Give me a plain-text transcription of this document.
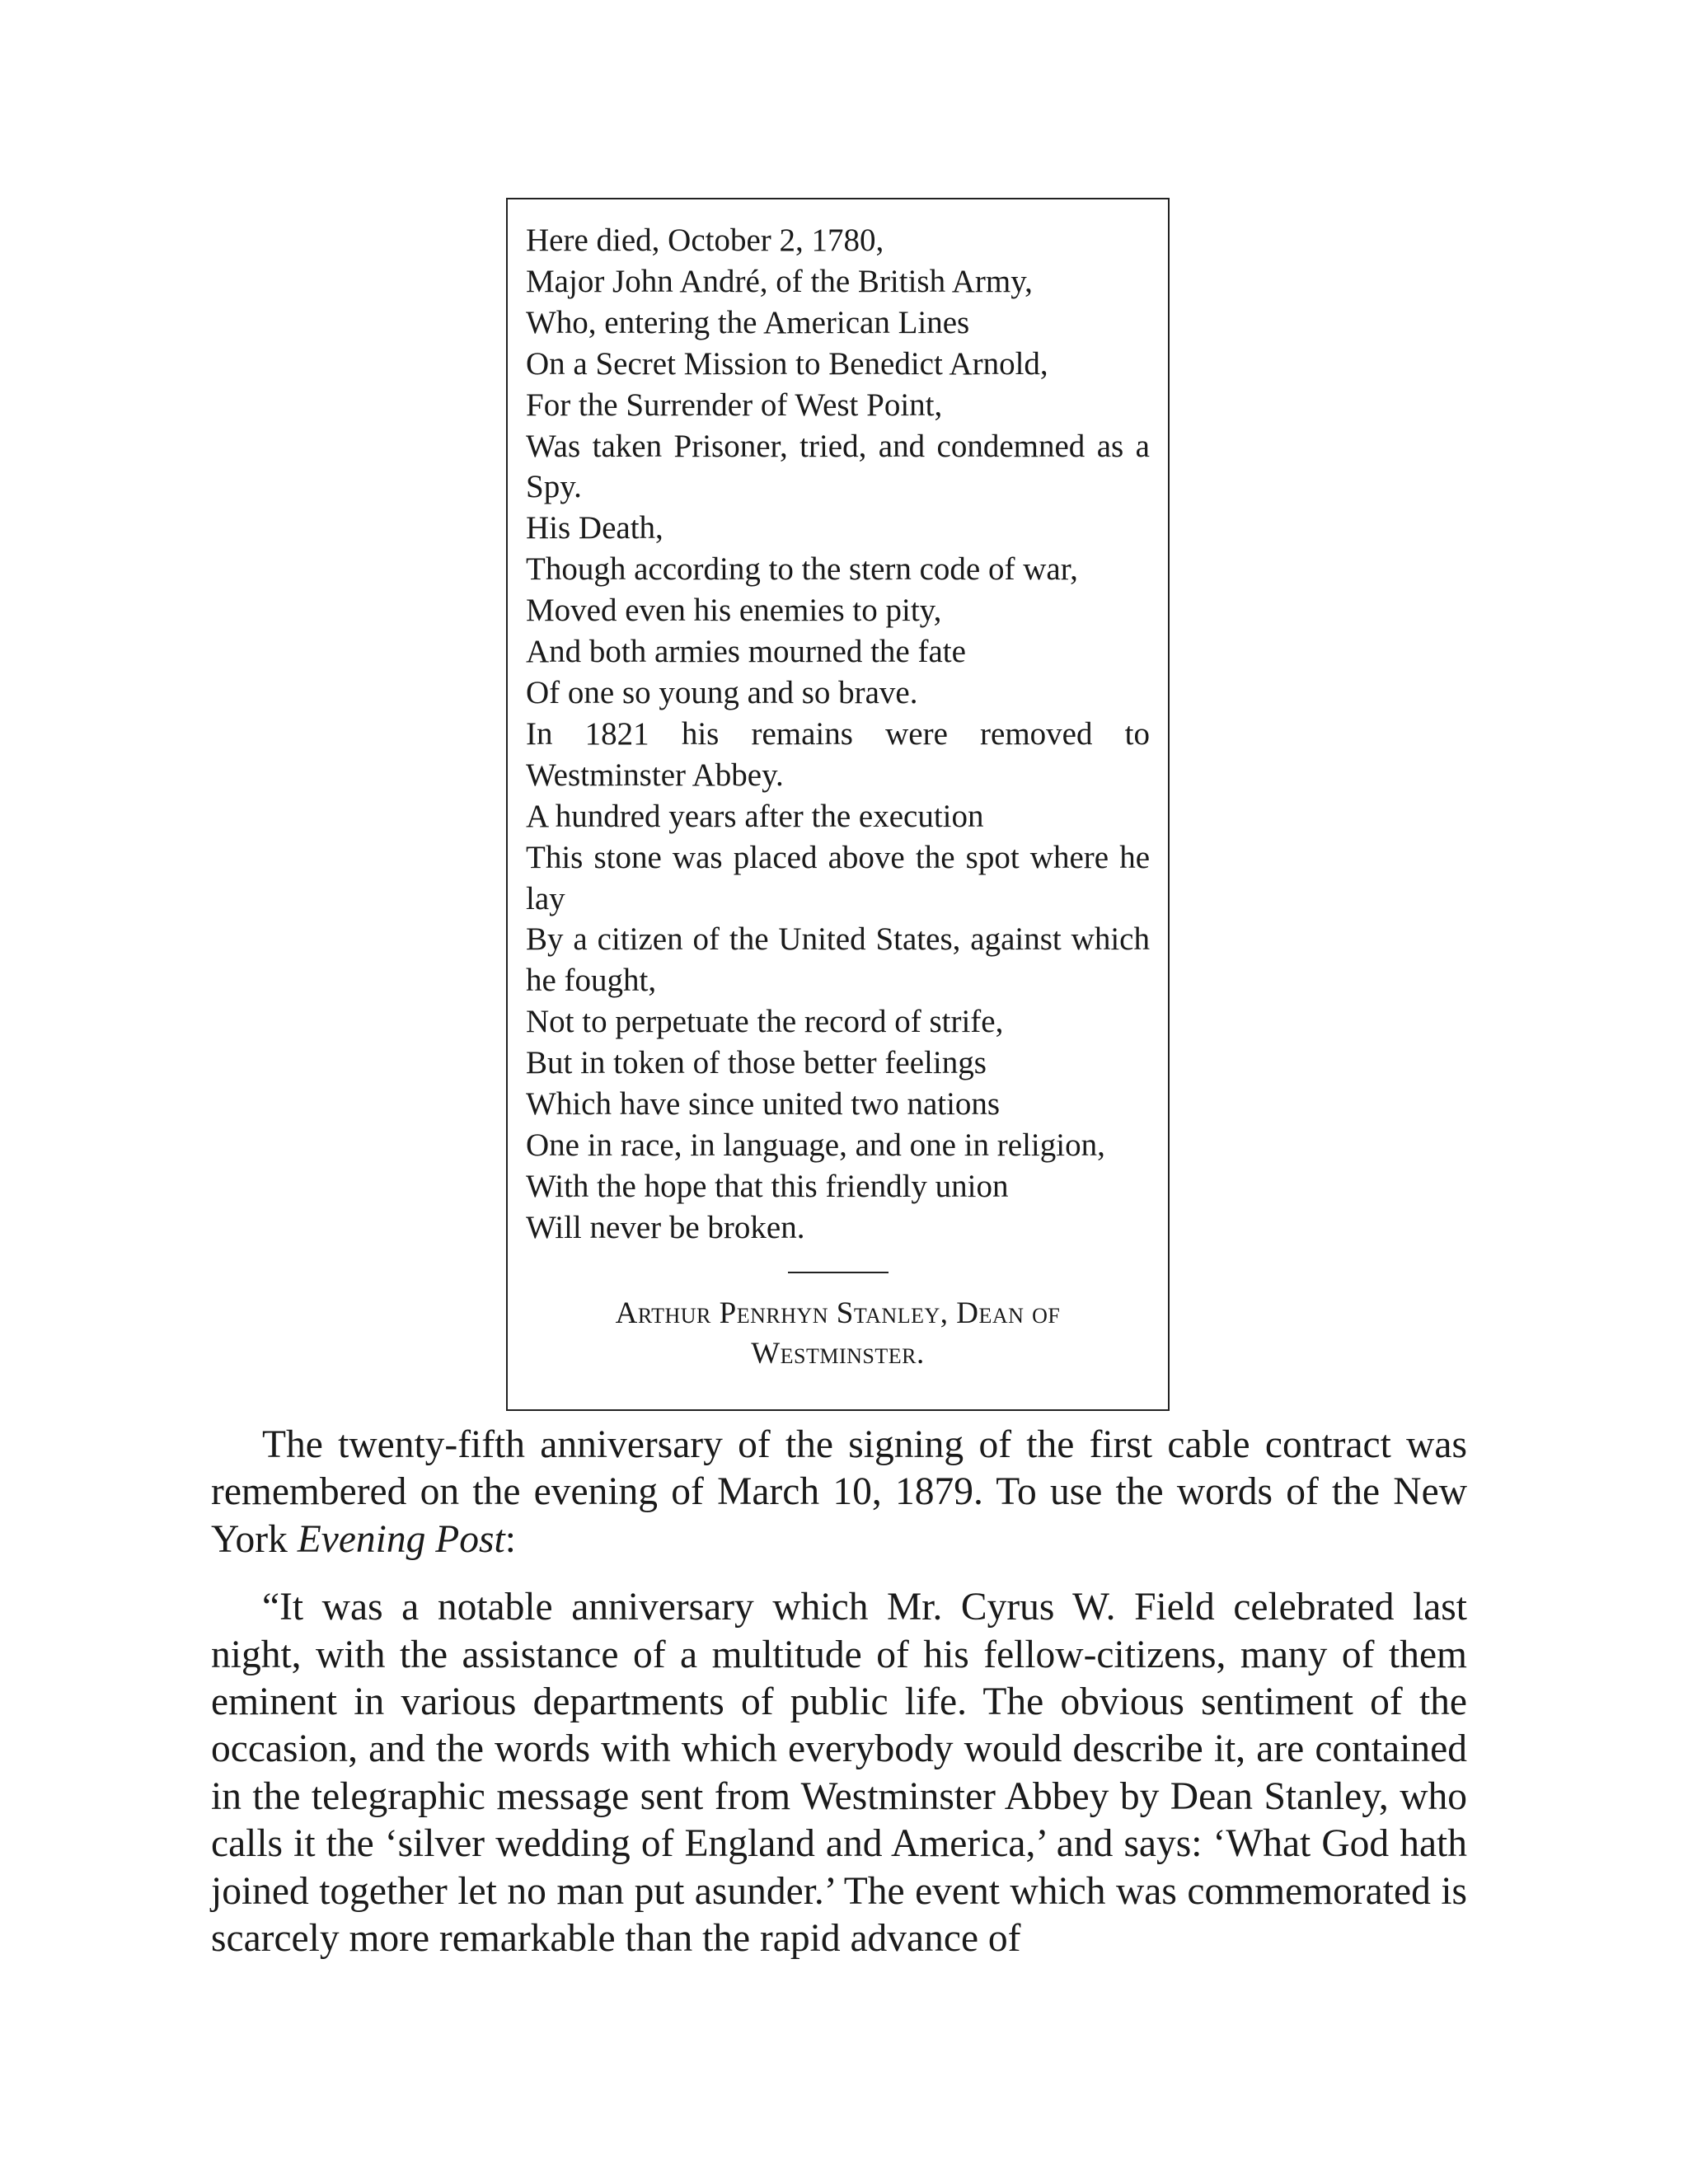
Here died, October 2, 1780,
Major John André, of the British Army,
Who, entering the American Lines
On a Secret Mission to Benedict Arnold,
For the Surrender of West Point,
Was taken Prisoner, tried, and condemned as a Spy.
His Death,
Though according to the stern code of war,
Moved even his enemies to pity,
And both armies mourned the fate
Of one so young and so brave.
In 1821 his remains were removed to Westminster Abbey.
A hundred years after the execution
This stone was placed above the spot where he lay
By a citizen of the United States, against which he fought,
Not to perpetuate the record of strife,
But in token of those better feelings
Which have since united two nations
One in race, in language, and one in religion,
With the hope that this friendly union
Will never be broken.
Arthur Penrhyn Stanley, Dean of Westminster.

The twenty-fifth anniversary of the signing of the first cable contract was remembered on the evening of March 10, 1879. To use the words of the New York Evening Post:

“It was a notable anniversary which Mr. Cyrus W. Field celebrated last night, with the assistance of a multitude of his fellow-citizens, many of them eminent in various departments of public life. The obvious sentiment of the occasion, and the words with which everybody would describe it, are contained in the telegraphic message sent from Westminster Abbey by Dean Stanley, who calls it the ‘silver wedding of England and America,’ and says: ‘What God hath joined together let no man put asunder.’ The event which was commemorated is scarcely more remarkable than the rapid advance of
